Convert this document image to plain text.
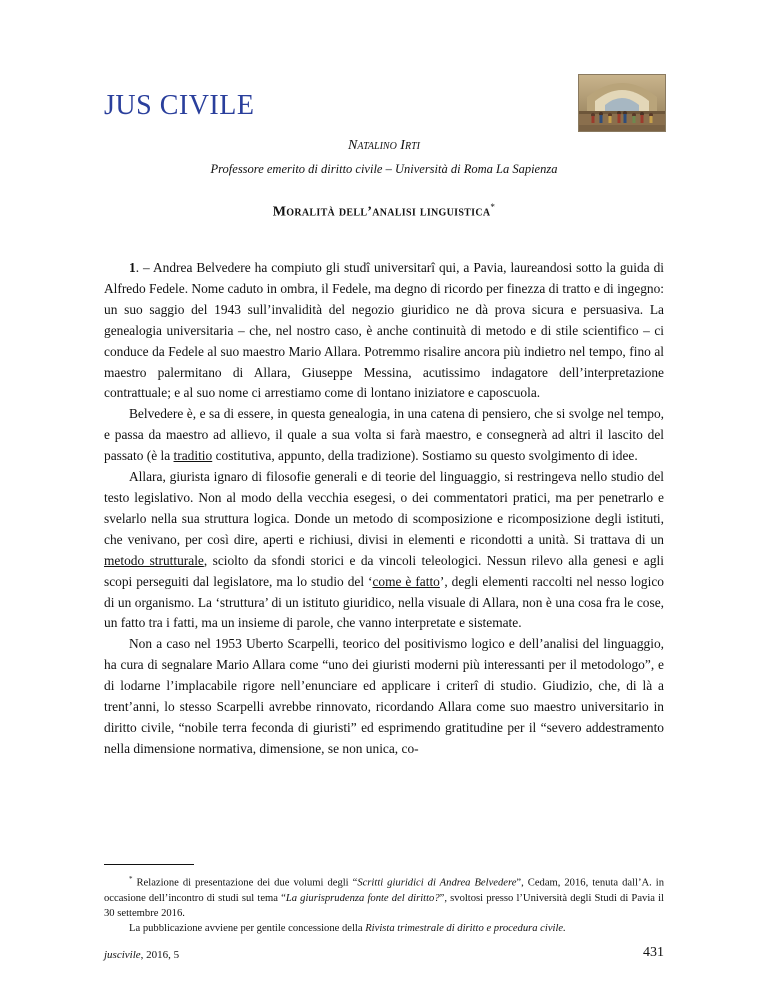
JUS CIVILE
Natalino Irti
Professore emerito di diritto civile – Università di Roma La Sapienza
Moralità dell’analisi linguistica*

1. – Andrea Belvedere ha compiuto gli studî universitarî qui, a Pavia, laureandosi sotto la guida di Alfredo Fedele. Nome caduto in ombra, il Fedele, ma degno di ricordo per finezza di tratto e di ingegno: un suo saggio del 1943 sull’invalidità del negozio giuridico ne dà prova sicura e persuasiva. La genealogia universitaria – che, nel nostro caso, è anche continuità di metodo e di stile scientifico – ci conduce da Fedele al suo maestro Mario Allara. Potremmo risalire ancora più indietro nel tempo, fino al maestro palermitano di Allara, Giuseppe Messina, acutissimo indagatore dell’interpretazione contrattuale; e al suo nome ci arrestiamo come di lontano iniziatore e caposcuola.

Belvedere è, e sa di essere, in questa genealogia, in una catena di pensiero, che si svolge nel tempo, e passa da maestro ad allievo, il quale a sua volta si farà maestro, e consegnerà ad altri il lascito del passato (è la traditio costitutiva, appunto, della tradizione). Sostiamo su questo svolgimento di idee.

Allara, giurista ignaro di filosofie generali e di teorie del linguaggio, si restringeva nello studio del testo legislativo. Non al modo della vecchia esegesi, o dei commentatori pratici, ma per penetrarlo e svelarlo nella sua struttura logica. Donde un metodo di scomposizione e ricomposizione degli istituti, che venivano, per così dire, aperti e richiusi, divisi in elementi e ricondotti a unità. Si trattava di un metodo strutturale, sciolto da sfondi storici e da vincoli teleologici. Nessun rilevo alla genesi e agli scopi perseguiti dal legislatore, ma lo studio del ‘come è fatto’, degli elementi raccolti nel nesso logico di un organismo. La ‘struttura’ di un istituto giuridico, nella visuale di Allara, non è una cosa fra le cose, un fatto tra i fatti, ma un insieme di parole, che vanno interpretate e sistemate.

Non a caso nel 1953 Uberto Scarpelli, teorico del positivismo logico e dell’analisi del linguaggio, ha cura di segnalare Mario Allara come “uno dei giuristi moderni più interessanti per il metodologo”, e di lodarne l’implacabile rigore nell’enunciare ed applicare i criterî di studio. Giudizio, che, di là a trent’anni, lo stesso Scarpelli avrebbe rinnovato, ricordando Allara come suo maestro universitario in diritto civile, “nobile terra feconda di giuristi” ed esprimendo gratitudine per il “severo addestramento nella dimensione normativa, dimensione, se non unica, co-

* Relazione di presentazione dei due volumi degli “Scritti giuridici di Andrea Belvedere”, Cedam, 2016, tenuta dall’A. in occasione dell’incontro di studi sul tema “La giurisprudenza fonte del diritto?”, svoltosi presso l’Università degli Studi di Pavia il 30 settembre 2016.

La pubblicazione avviene per gentile concessione della Rivista trimestrale di diritto e procedura civile.

juscivile, 2016, 5	431
